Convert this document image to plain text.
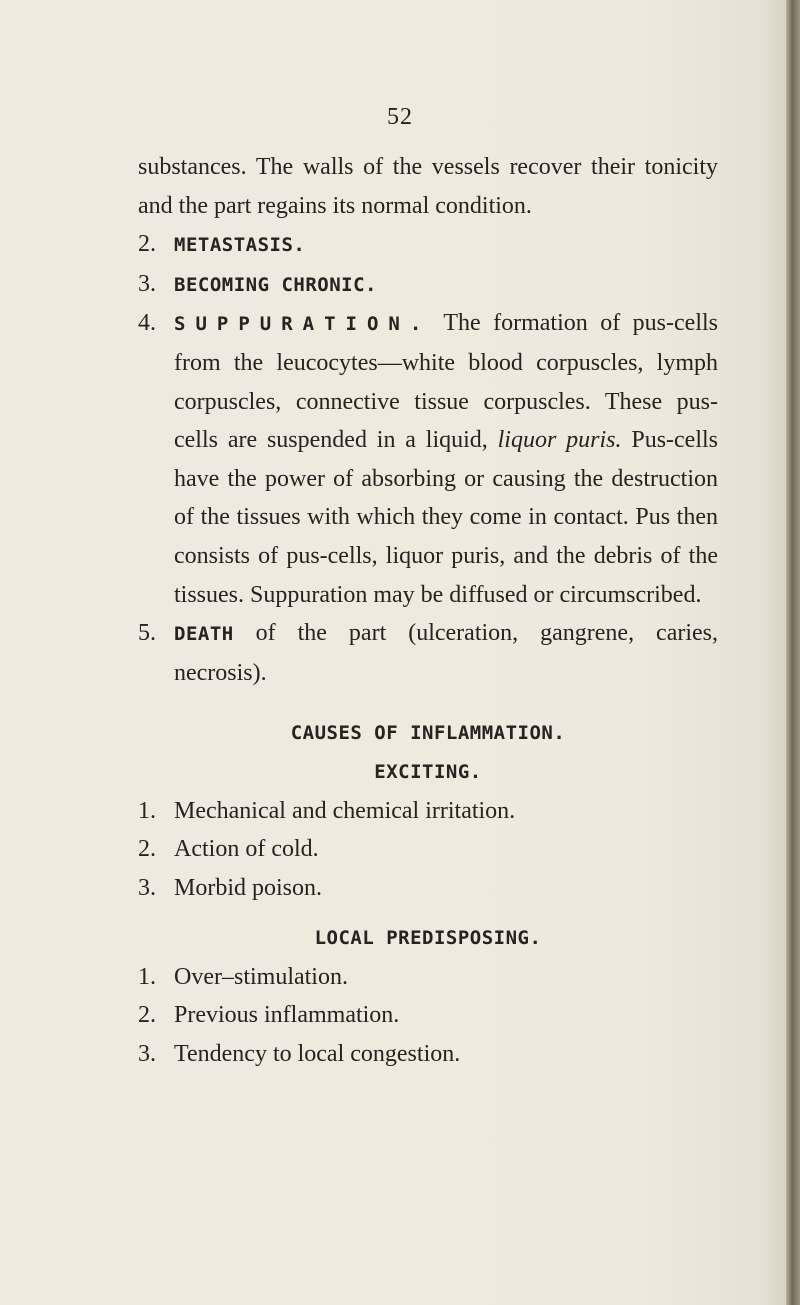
52

substances. The walls of the vessels recover their tonicity and the part regains its normal condition.

2. METASTASIS.

3. BECOMING CHRONIC.

4. SUPPURATION. The formation of pus-cells from the leucocytes—white blood corpuscles, lymph corpuscles, connective tissue corpuscles. These pus-cells are suspended in a liquid, liquor puris. Pus-cells have the power of absorbing or causing the destruction of the tissues with which they come in contact. Pus then consists of pus-cells, liquor puris, and the debris of the tissues. Suppuration may be diffused or circumscribed.

5. DEATH of the part (ulceration, gangrene, caries, necrosis).

CAUSES OF INFLAMMATION.

EXCITING.

1. Mechanical and chemical irritation.

2. Action of cold.

3. Morbid poison.

LOCAL PREDISPOSING.

1. Over–stimulation.

2. Previous inflammation.

3. Tendency to local congestion.
